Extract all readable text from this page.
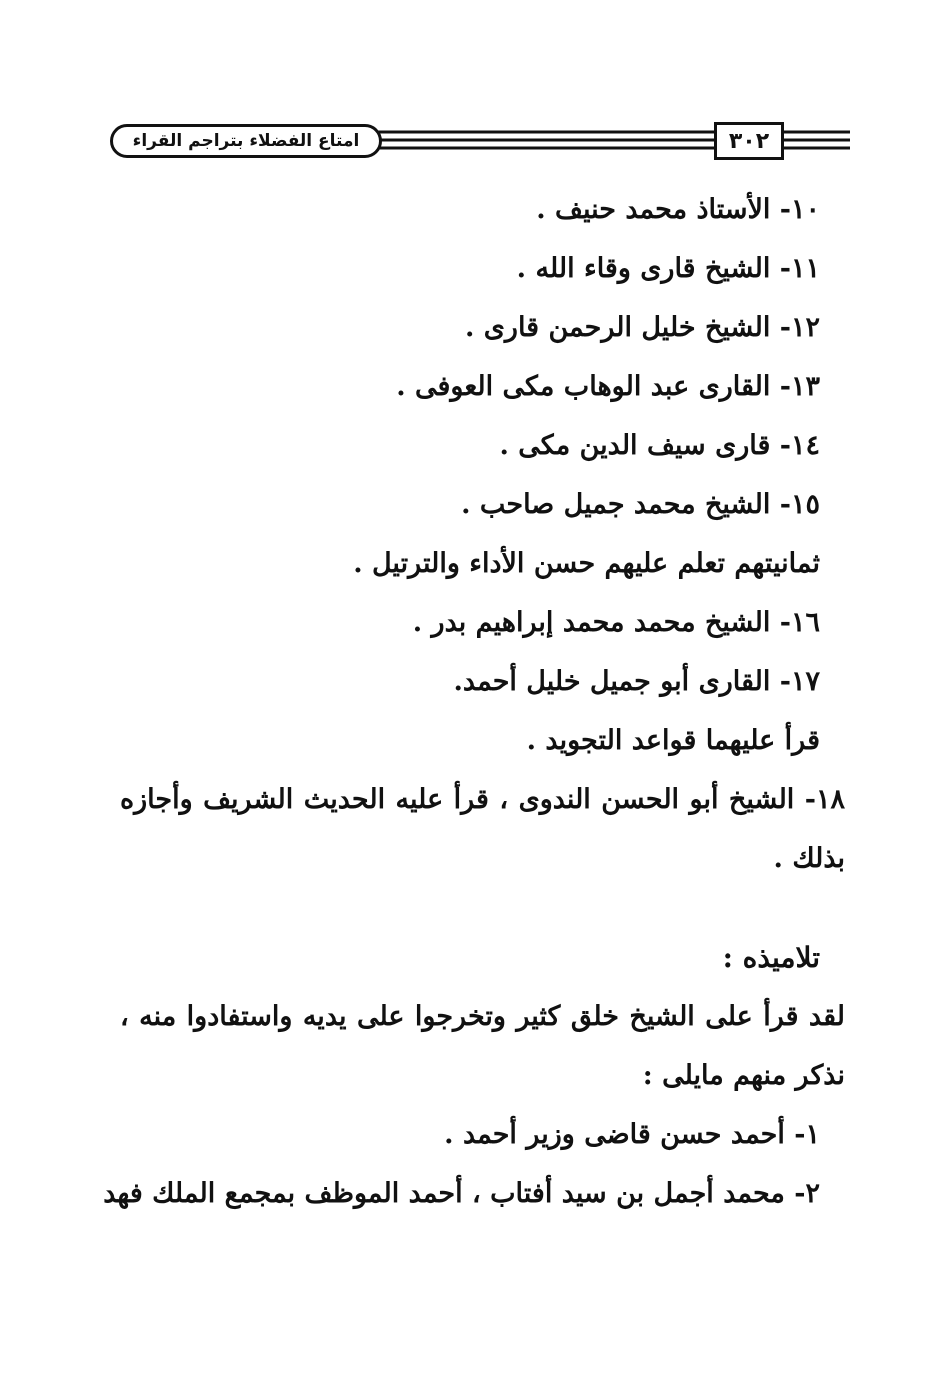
امتاع الفضلاء بتراجم القراء	٣٠٢
١٠- الأستاذ محمد حنيف .
١١- الشيخ قارى وقاء الله .
١٢- الشيخ خليل الرحمن قارى .
١٣- القارى عبد الوهاب مكى العوفى .
١٤- قارى سيف الدين مكى .
١٥- الشيخ محمد جميل صاحب .
ثمانيتهم تعلم عليهم حسن الأداء والترتيل .
١٦- الشيخ محمد محمد إبراهيم بدر .
١٧- القارى أبو جميل خليل أحمد.
قرأ عليهما قواعد التجويد .
١٨- الشيخ أبو الحسن الندوى ، قرأ عليه الحديث الشريف وأجازه بذلك .
تلاميذه :
لقد قرأ على الشيخ خلق كثير وتخرجوا على يديه واستفادوا منه ، نذكر منهم مايلى :
١- أحمد حسن قاضى وزير أحمد .
٢- محمد أجمل بن سيد أفتاب ، أحمد الموظف بمجمع الملك فهد
